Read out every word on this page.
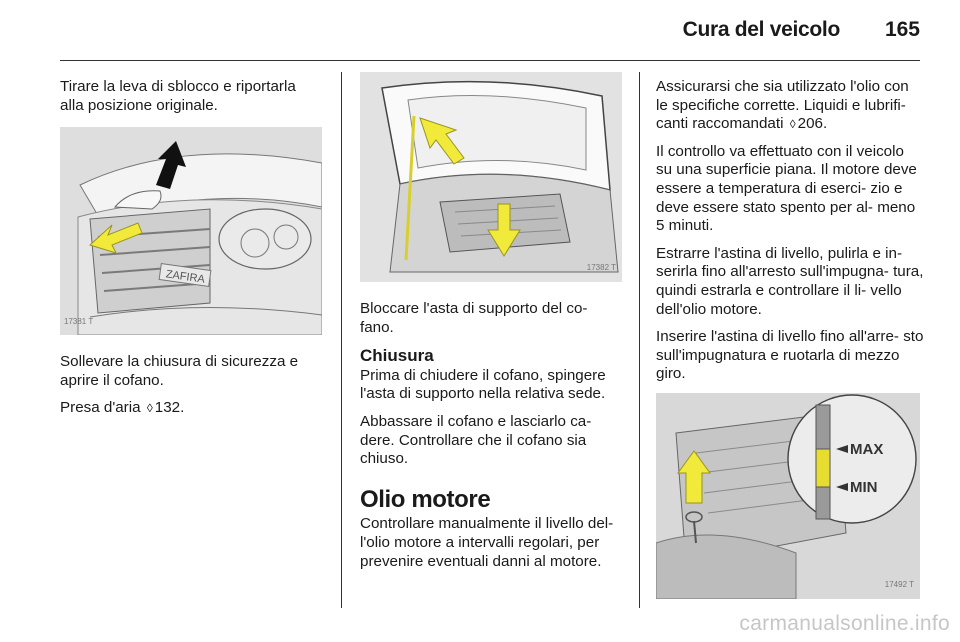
Cura del veicolo 165

Tirare la leva di sblocco e riportarla alla posizione originale.

ZAFIRA
17381 T

Sollevare la chiusura di sicurezza e aprire il cofano.

Presa d'aria ◊ 132.

17382 T

Bloccare l'asta di supporto del co- fano.

Chiusura

Prima di chiudere il cofano, spingere l'asta di supporto nella relativa sede.

Abbassare il cofano e lasciarlo ca- dere. Controllare che il cofano sia chiuso.

Olio motore

Controllare manualmente il livello del- l'olio motore a intervalli regolari, per prevenire eventuali danni al motore.

Assicurarsi che sia utilizzato l'olio con le specifiche corrette. Liquidi e lubrifi- canti raccomandati ◊ 206.

Il controllo va effettuato con il veicolo su una superficie piana. Il motore deve essere a temperatura di eserci- zio e deve essere stato spento per al- meno 5 minuti.

Estrarre l'astina di livello, pulirla e in- serirla fino all'arresto sull'impugna- tura, quindi estrarla e controllare il li- vello dell'olio motore.

Inserire l'astina di livello fino all'arre- sto sull'impugnatura e ruotarla di mezzo giro.

MAX
MIN
17492 T
carmanualsonline.info
